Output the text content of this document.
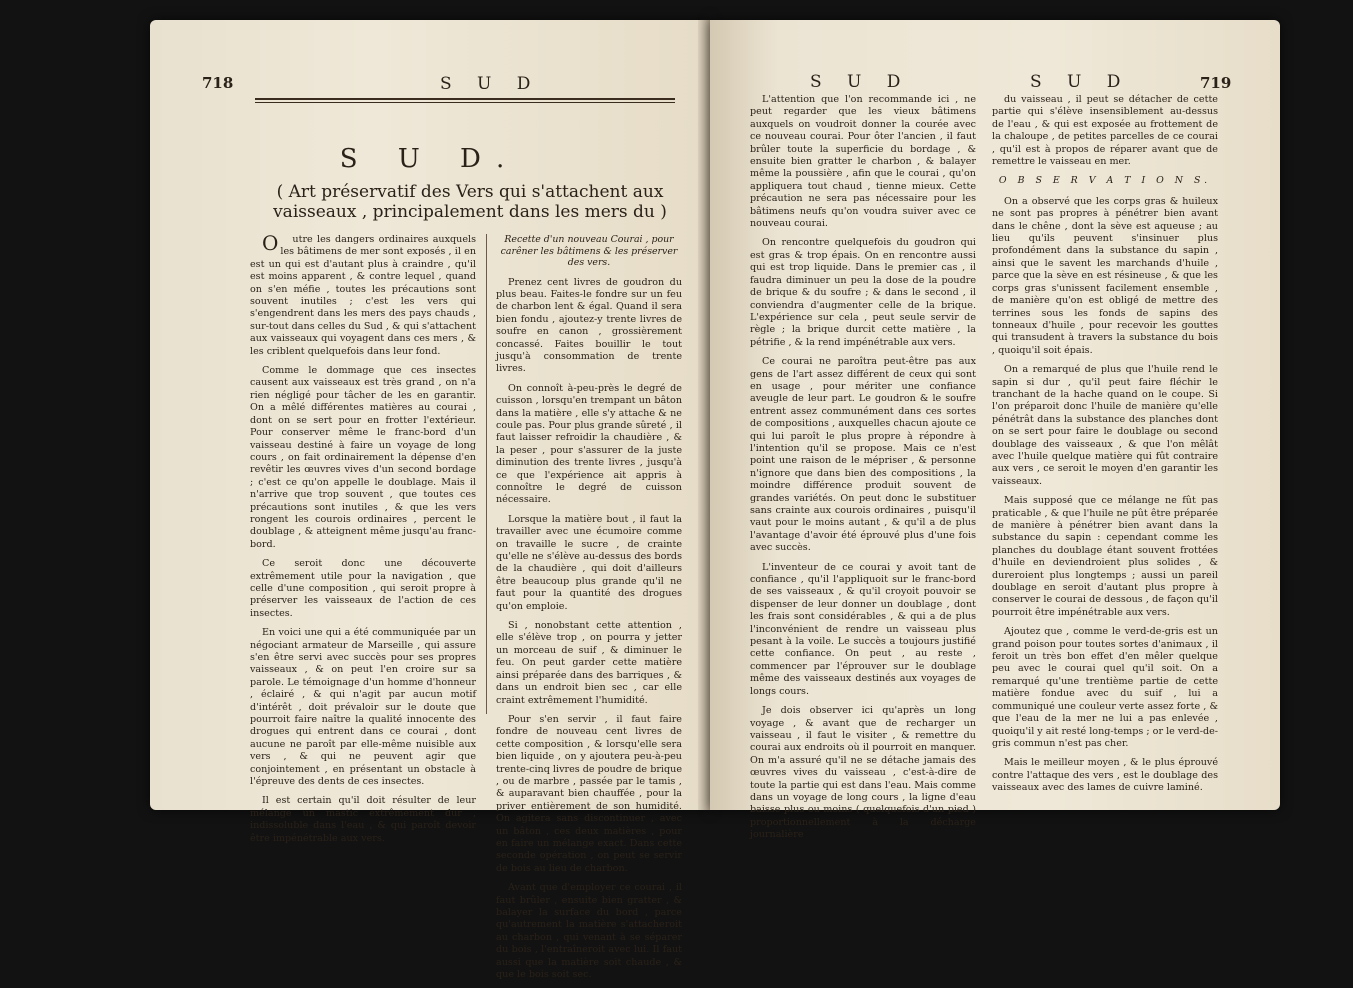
718	S U D
S U D.
( Art préservatif des Vers qui s'attachent aux vaisseaux , principalement dans les mers du )

Outre les dangers ordinaires auxquels les bâtimens de mer sont exposés , il en est un qui est d'autant plus à craindre , qu'il est moins apparent , & contre lequel , quand on s'en méfie , toutes les précautions sont souvent inutiles ; c'est les vers qui s'engendrent dans les mers des pays chauds , sur-tout dans celles du Sud , & qui s'attachent aux vaisseaux qui voyagent dans ces mers , & les criblent quelquefois dans leur fond.

Comme le dommage que ces insectes causent aux vaisseaux est très grand , on n'a rien négligé pour tâcher de les en garantir. On a mêlé différentes matières au courai , dont on se sert pour en frotter l'extérieur. Pour conserver même le franc-bord d'un vaisseau destiné à faire un voyage de long cours , on fait ordinairement la dépense d'en revêtir les œuvres vives d'un second bordage ; c'est ce qu'on appelle le doublage. Mais il n'arrive que trop souvent , que toutes ces précautions sont inutiles , & que les vers rongent les courois ordinaires , percent le doublage , & atteignent même jusqu'au franc-bord.

Ce seroit donc une découverte extrêmement utile pour la navigation , que celle d'une composition , qui seroit propre à préserver les vaisseaux de l'action de ces insectes.

En voici une qui a été communiquée par un négociant armateur de Marseille , qui assure s'en être servi avec succès pour ses propres vaisseaux , & on peut l'en croire sur sa parole. Le témoignage d'un homme d'honneur , éclairé , & qui n'agit par aucun motif d'intérêt , doit prévaloir sur le doute que pourroit faire naître la qualité innocente des drogues qui entrent dans ce courai , dont aucune ne paroît par elle-même nuisible aux vers , & qui ne peuvent agir que conjointement , en présentant un obstacle à l'épreuve des dents de ces insectes.

Il est certain qu'il doit résulter de leur mélange un mastic extrêmement dur , indissoluble dans l'eau , & qui paroît devoir être impénétrable aux vers.

Recette d'un nouveau Courai , pour carêner les bâtimens & les préserver des vers.

Prenez cent livres de goudron du plus beau. Faites-le fondre sur un feu de charbon lent & égal. Quand il sera bien fondu , ajoutez-y trente livres de soufre en canon , grossièrement concassé. Faites bouillir le tout jusqu'à consommation de trente livres.

On connoît à-peu-près le degré de cuisson , lorsqu'en trempant un bâton dans la matière , elle s'y attache & ne coule pas. Pour plus grande sûreté , il faut laisser refroidir la chaudière , & la peser , pour s'assurer de la juste diminution des trente livres , jusqu'à ce que l'expérience ait appris à connoître le degré de cuisson nécessaire.

Lorsque la matière bout , il faut la travailler avec une écumoire comme on travaille le sucre , de crainte qu'elle ne s'élève au-dessus des bords de la chaudière , qui doit d'ailleurs être beaucoup plus grande qu'il ne faut pour la quantité des drogues qu'on emploie.

Si , nonobstant cette attention , elle s'élève trop , on pourra y jetter un morceau de suif , & diminuer le feu. On peut garder cette matière ainsi préparée dans des barriques , & dans un endroit bien sec , car elle craint extrêmement l'humidité.

Pour s'en servir , il faut faire fondre de nouveau cent livres de cette composition , & lorsqu'elle sera bien liquide , on y ajoutera peu-à-peu trente-cinq livres de poudre de brique , ou de marbre , passée par le tamis , & auparavant bien chauffée , pour la priver entièrement de son humidité. On agitera sans discontinuer , avec un bâton , ces deux matières , pour en faire un mélange exact. Dans cette seconde opération , on peut se servir de bois au lieu de charbon.

Avant que d'employer ce courai , il faut brûler , ensuite bien gratter , & balayer la surface du bord , parce qu'autrement la matière s'attacheroit au charbon , qui venant à se séparer du bois , l'entraîneroit avec lui. Il faut aussi que la matière soit chaude , & que le bois soit sec.

S U D	S U D	719

L'attention que l'on recommande ici , ne peut regarder que les vieux bâtimens auxquels on voudroit donner la courée avec ce nouveau courai. Pour ôter l'ancien , il faut brûler toute la superficie du bordage , & ensuite bien gratter le charbon , & balayer même la poussière , afin que le courai , qu'on appliquera tout chaud , tienne mieux. Cette précaution ne sera pas nécessaire pour les bâtimens neufs qu'on voudra suiver avec ce nouveau courai.

On rencontre quelquefois du goudron qui est gras & trop épais. On en rencontre aussi qui est trop liquide. Dans le premier cas , il faudra diminuer un peu la dose de la poudre de brique & du soufre ; & dans le second , il conviendra d'augmenter celle de la brique. L'expérience sur cela , peut seule servir de règle ; la brique durcit cette matière , la pétrifie , & la rend impénétrable aux vers.

Ce courai ne paroîtra peut-être pas aux gens de l'art assez différent de ceux qui sont en usage , pour mériter une confiance aveugle de leur part. Le goudron & le soufre entrent assez communément dans ces sortes de compositions , auxquelles chacun ajoute ce qui lui paroît le plus propre à répondre à l'intention qu'il se propose. Mais ce n'est point une raison de le mépriser , & personne n'ignore que dans bien des compositions , la moindre différence produit souvent de grandes variétés. On peut donc le substituer sans crainte aux courois ordinaires , puisqu'il vaut pour le moins autant , & qu'il a de plus l'avantage d'avoir été éprouvé plus d'une fois avec succès.

L'inventeur de ce courai y avoit tant de confiance , qu'il l'appliquoit sur le franc-bord de ses vaisseaux , & qu'il croyoit pouvoir se dispenser de leur donner un doublage , dont les frais sont considérables , & qui a de plus l'inconvénient de rendre un vaisseau plus pesant à la voile. Le succès a toujours justifié cette confiance. On peut , au reste , commencer par l'éprouver sur le doublage même des vaisseaux destinés aux voyages de longs cours.

Je dois observer ici qu'après un long voyage , & avant que de recharger un vaisseau , il faut le visiter , & remettre du courai aux endroits où il pourroit en manquer. On m'a assuré qu'il ne se détache jamais des œuvres vives du vaisseau , c'est-à-dire de toute la partie qui est dans l'eau. Mais comme dans un voyage de long cours , la ligne d'eau baisse plus ou moins ( quelquefois d'un pied ) proportionnellement à la décharge journalière

du vaisseau , il peut se détacher de cette partie qui s'élève insensiblement au-dessus de l'eau , & qui est exposée au frottement de la chaloupe , de petites parcelles de ce courai , qu'il est à propos de réparer avant que de remettre le vaisseau en mer.

O B S E R V A T I O N S.

On a observé que les corps gras & huileux ne sont pas propres à pénétrer bien avant dans le chêne , dont la sève est aqueuse ; au lieu qu'ils peuvent s'insinuer plus profondément dans la substance du sapin , ainsi que le savent les marchands d'huile , parce que la sève en est résineuse , & que les corps gras s'unissent facilement ensemble , de manière qu'on est obligé de mettre des terrines sous les fonds de sapins des tonneaux d'huile , pour recevoir les gouttes qui transudent à travers la substance du bois , quoiqu'il soit épais.

On a remarqué de plus que l'huile rend le sapin si dur , qu'il peut faire fléchir le tranchant de la hache quand on le coupe. Si l'on préparoit donc l'huile de manière qu'elle pénétrât dans la substance des planches dont on se sert pour faire le doublage ou second doublage des vaisseaux , & que l'on mêlât avec l'huile quelque matière qui fût contraire aux vers , ce seroit le moyen d'en garantir les vaisseaux.

Mais supposé que ce mélange ne fût pas praticable , & que l'huile ne pût être préparée de manière à pénétrer bien avant dans la substance du sapin : cependant comme les planches du doublage étant souvent frottées d'huile en deviendroient plus solides , & dureroient plus longtemps ; aussi un pareil doublage en seroit d'autant plus propre à conserver le courai de dessous , de façon qu'il pourroit être impénétrable aux vers.

Ajoutez que , comme le verd-de-gris est un grand poison pour toutes sortes d'animaux , il feroit un très bon effet d'en mêler quelque peu avec le courai quel qu'il soit. On a remarqué qu'une trentième partie de cette matière fondue avec du suif , lui a communiqué une couleur verte assez forte , & que l'eau de la mer ne lui a pas enlevée , quoiqu'il y ait resté long-temps ; or le verd-de-gris commun n'est pas cher.

Mais le meilleur moyen , & le plus éprouvé contre l'attaque des vers , est le doublage des vaisseaux avec des lames de cuivre laminé.
